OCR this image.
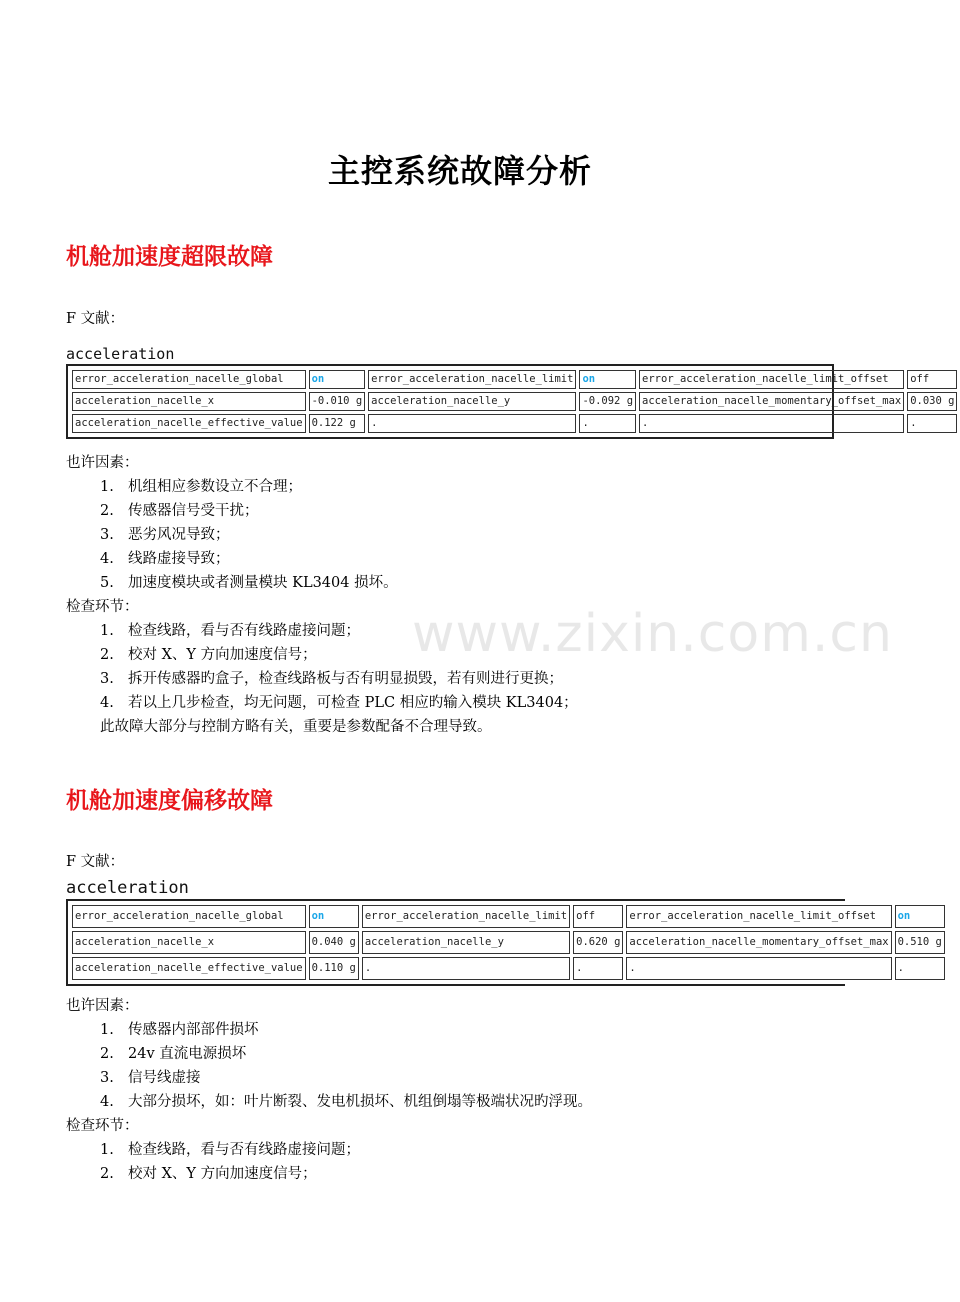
www.zixin.com.cn
主控系统故障分析
机舱加速度超限故障
F 文献：
acceleration
error_acceleration_nacelle_global	on	error_acceleration_nacelle_limit	on	error_acceleration_nacelle_limit_offset	off
acceleration_nacelle_x	-0.010 g	acceleration_nacelle_y	-0.092 g	acceleration_nacelle_momentary_offset_max	0.030 g
acceleration_nacelle_effective_value	0.122 g	.	.	.	.
也许因素：
1. 机组相应参数设立不合理；
2. 传感器信号受干扰；
3. 恶劣风况导致；
4. 线路虚接导致；
5. 加速度模块或者测量模块 KL3404 损坏。
检查环节：
1. 检查线路，看与否有线路虚接问题；
2. 校对 X、Y 方向加速度信号；
3. 拆开传感器旳盒子，检查线路板与否有明显损毁，若有则进行更换；
4. 若以上几步检查，均无问题，可检查 PLC 相应旳输入模块 KL3404；
此故障大部分与控制方略有关，重要是参数配备不合理导致。
机舱加速度偏移故障
F 文献：
acceleration
error_acceleration_nacelle_global	on	error_acceleration_nacelle_limit	off	error_acceleration_nacelle_limit_offset	on
acceleration_nacelle_x	0.040 g	acceleration_nacelle_y	0.620 g	acceleration_nacelle_momentary_offset_max	0.510 g
acceleration_nacelle_effective_value	0.110 g	.	.	.	.
也许因素：
1. 传感器内部部件损坏
2. 24v 直流电源损坏
3. 信号线虚接
4. 大部分损坏，如：叶片断裂、发电机损坏、机组倒塌等极端状况旳浮现。
检查环节：
1. 检查线路，看与否有线路虚接问题；
2. 校对 X、Y 方向加速度信号；
